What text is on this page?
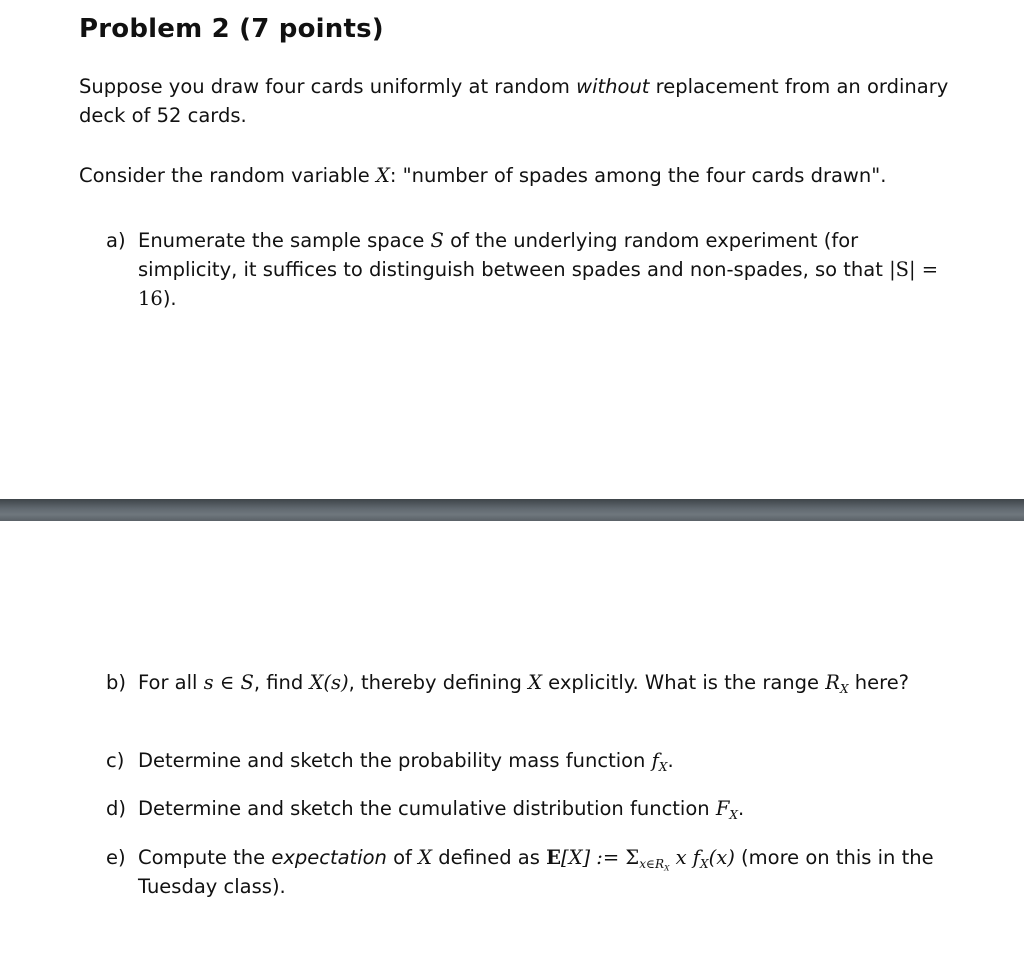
Problem 2 (7 points)

Suppose you draw four cards uniformly at random without replacement from an ordinary deck of 52 cards.

Consider the random variable X: "number of spades among the four cards drawn".

a) Enumerate the sample space S of the underlying random experiment (for simplicity, it suffices to distinguish between spades and non-spades, so that |S| = 16).
b) For all s ∈ S, find X(s), thereby defining X explicitly. What is the range $R_X$ here?
c) Determine and sketch the probability mass function $f_X$.
d) Determine and sketch the cumulative distribution function $F_X$.
e) Compute the expectation of X defined as E[X] := $\Sigma_{x\in R_X}$ x $f_X(x)$ (more on this in the Tuesday class).
